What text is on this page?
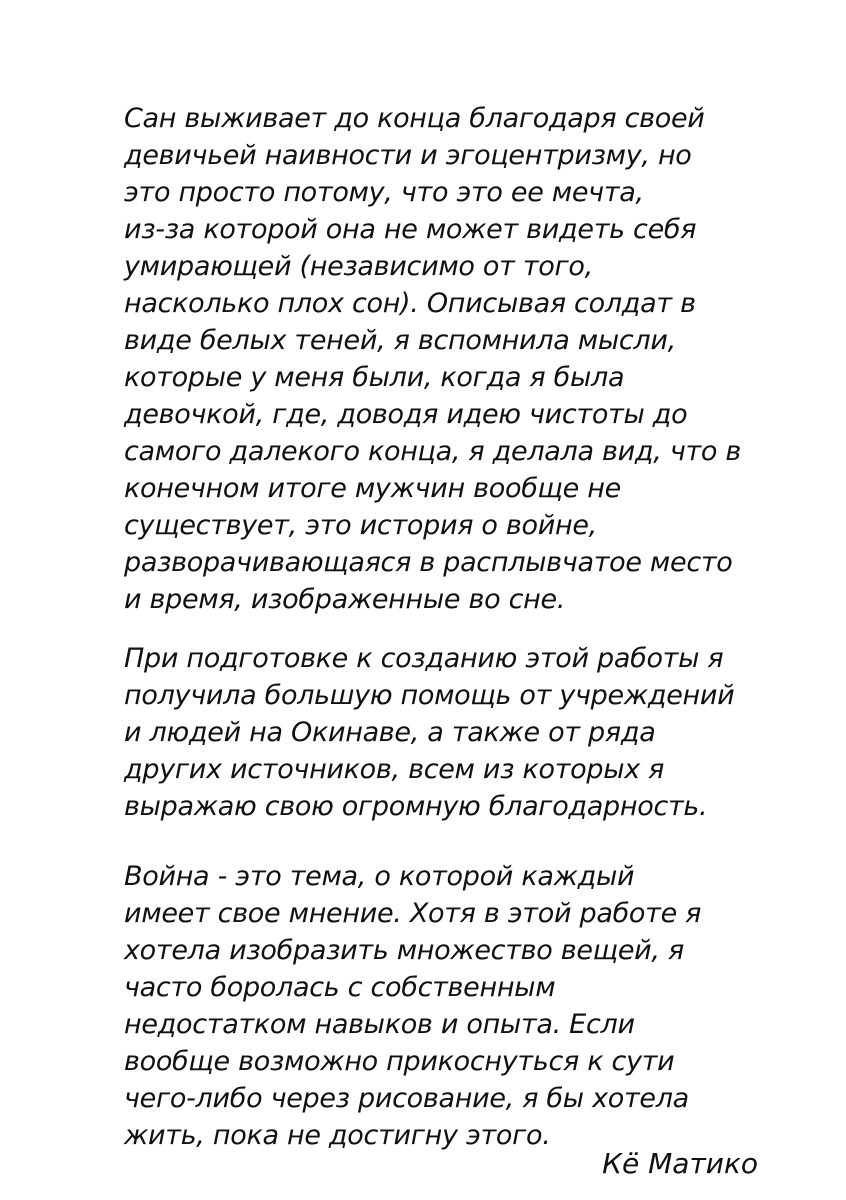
Сан выживает до конца благодаря своей
девичьей наивности и эгоцентризму, но
это просто потому, что это ее мечта,
из-за которой она не может видеть себя
умирающей (независимо от того,
насколько плох сон). Описывая солдат в
виде белых теней, я вспомнила мысли,
которые у меня были, когда я была
девочкой, где, доводя идею чистоты до
самого далекого конца, я делала вид, что в
конечном итоге мужчин вообще не
существует, это история о войне,
разворачивающаяся в расплывчатое место
и время, изображенные во сне.
При подготовке к созданию этой работы я
получила большую помощь от учреждений
и людей на Окинаве, а также от ряда
других источников, всем из которых я
выражаю свою огромную благодарность.
Война - это тема, о которой каждый
имеет свое мнение. Хотя в этой работе я
хотела изобразить множество вещей, я
часто боролась с собственным
недостатком навыков и опыта. Если
вообще возможно прикоснуться к сути
чего-либо через рисование, я бы хотела
жить, пока не достигну этого.
Кё Матико
